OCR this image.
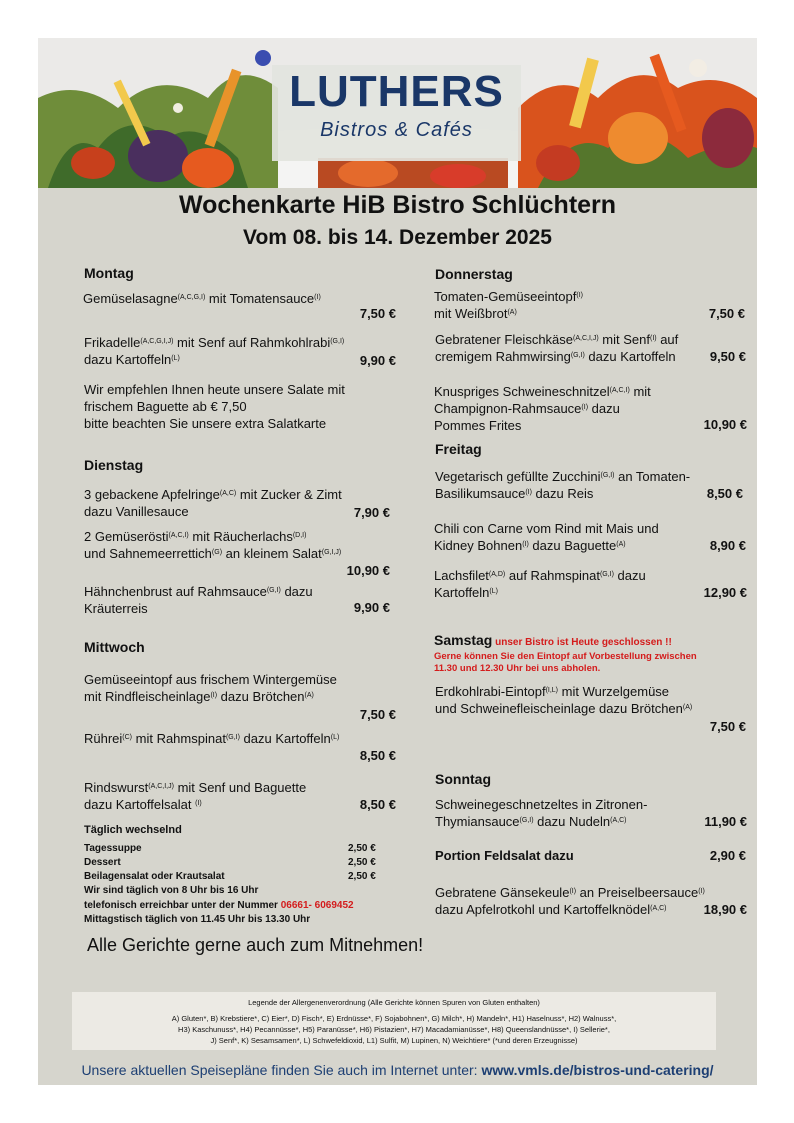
LUTHERS
Bistros & Cafés
Wochenkarte HiB Bistro Schlüchtern
Vom 08. bis 14. Dezember 2025
Montag
Gemüselasagne$^{(A,C,G,I)}$ mit Tomatensauce$^{(I)}$
7,50 €
Frikadelle$^{(A,C,G,I,J)}$ mit Senf auf Rahmkohlrabi$^{(G,I)}$
dazu Kartoffeln$^{(L)}$	9,90 €
Wir empfehlen Ihnen heute unsere Salate mit
frischem Baguette ab € 7,50
bitte beachten Sie unsere extra Salatkarte
Dienstag
3 gebackene Apfelringe$^{(A,C)}$ mit Zucker & Zimt
dazu Vanillesauce	7,90 €
2 Gemüserösti$^{(A,C,I)}$ mit Räucherlachs$^{(D,I)}$
und Sahnemeerrettich$^{(G)}$ an kleinem Salat$^{(G,I,J)}$
10,90 €
Hähnchenbrust auf Rahmsauce$^{(G,I)}$ dazu
Kräuterreis	9,90 €
Mittwoch
Gemüseeintopf aus frischem Wintergemüse
mit Rindfleischeinlage$^{(I)}$ dazu Brötchen$^{(A)}$
7,50 €
Rührei$^{(C)}$ mit Rahmspinat$^{(G,I)}$ dazu Kartoffeln$^{(L)}$
8,50 €
Rindswurst$^{(A,C,I,J)}$ mit Senf und Baguette
dazu Kartoffelsalat $^{(I)}$	8,50 €
Täglich wechselnd
Tagessuppe	2,50 €
Dessert	2,50 €
Beilagensalat oder Krautsalat	2,50 €
Wir sind täglich von 8 Uhr bis 16 Uhr
telefonisch erreichbar unter der Nummer 06661- 6069452
Mittagstisch täglich von 11.45 Uhr bis 13.30 Uhr
Alle Gerichte gerne auch zum Mitnehmen!
Donnerstag
Tomaten-Gemüseeintopf$^{(I)}$
mit Weißbrot$^{(A)}$	7,50 €
Gebratener Fleischkäse$^{(A,C,I,J)}$ mit Senf$^{(I)}$ auf
cremigem Rahmwirsing$^{(G,I)}$ dazu Kartoffeln	9,50 €
Knuspriges Schweineschnitzel$^{(A,C,I)}$ mit
Champignon-Rahmsauce$^{(I)}$ dazu
Pommes Frites	10,90 €
Freitag
Vegetarisch gefüllte Zucchini$^{(G,I)}$ an Tomaten-
Basilikumsauce$^{(I)}$ dazu Reis	8,50 €
Chili con Carne vom Rind mit Mais und
Kidney Bohnen$^{(I)}$ dazu Baguette$^{(A)}$	8,90 €
Lachsfilet$^{(A,D)}$ auf Rahmspinat$^{(G,I)}$ dazu
Kartoffeln$^{(L)}$	12,90 €
Samstag unser Bistro ist Heute geschlossen !!
Gerne können Sie den Eintopf auf Vorbestellung zwischen
11.30 und 12.30 Uhr bei uns abholen.
Erdkohlrabi-Eintopf$^{(I,L)}$ mit Wurzelgemüse
und Schweinefleischeinlage dazu Brötchen$^{(A)}$
7,50 €
Sonntag
Schweinegeschnetzeltes in Zitronen-
Thymiansauce$^{(G,I)}$ dazu Nudeln$^{(A,C)}$	11,90 €
Portion Feldsalat dazu	2,90 €
Gebratene Gänsekeule$^{(I)}$ an Preiselbeersauce$^{(I)}$
dazu Apfelrotkohl und Kartoffelknödel$^{(A,C)}$	18,90 €
Legende der Allergenenverordnung (Alle Gerichte können Spuren von Gluten enthalten)
A) Gluten*, B) Krebstiere*, C) Eier*, D) Fisch*, E) Erdnüsse*, F) Sojabohnen*, G) Milch*, H) Mandeln*, H1) Haselnuss*, H2) Walnuss*,
H3) Kaschunuss*, H4) Pecannüsse*, H5) Paranüsse*, H6) Pistazien*, H7) Macadamianüsse*, H8) Queenslandnüsse*, I) Sellerie*,
J) Senf*, K) Sesamsamen*, L) Schwefeldioxid, L1) Sulfit, M) Lupinen, N) Weichtiere* (*und deren Erzeugnisse)
Unsere aktuellen Speisepläne finden Sie auch im Internet unter: www.vmls.de/bistros-und-catering/
